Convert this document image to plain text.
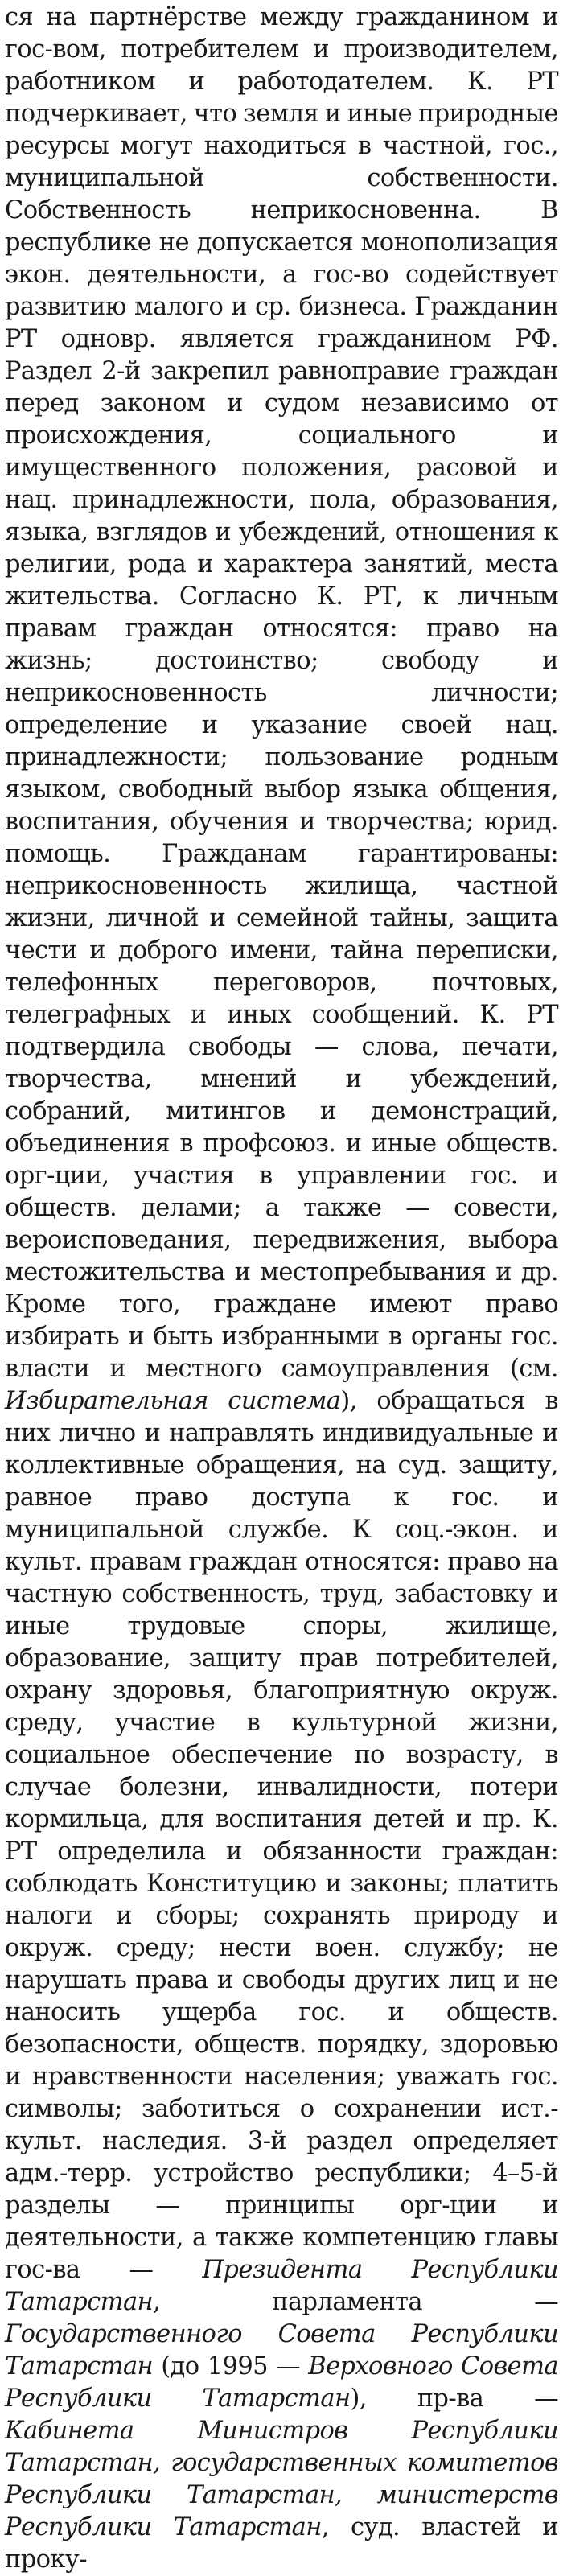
ся на партнёрстве между гражданином и гос-вом, потребителем и производителем, работником и работодателем. К. РТ подчеркивает, что земля и иные природные ресурсы могут находиться в частной, гос., муниципальной собственности. Собственность неприкосновенна. В республике не допускается монополизация экон. деятельности, а гос-во содействует развитию малого и ср. бизнеса. Гражданин РТ одновр. является гражданином РФ. Раздел 2-й закрепил равноправие граждан перед законом и судом независимо от происхождения, социального и имущественного положения, расовой и нац. принадлежности, пола, образования, языка, взглядов и убеждений, отношения к религии, рода и характера занятий, места жительства. Согласно К. РТ, к личным правам граждан относятся: право на жизнь; достоинство; свободу и неприкосновенность личности; определение и указание своей нац. принадлежности; пользование родным языком, свободный выбор языка общения, воспитания, обучения и творчества; юрид. помощь. Гражданам гарантированы: неприкосновенность жилища, частной жизни, личной и семейной тайны, защита чести и доброго имени, тайна переписки, телефонных переговоров, почтовых, телеграфных и иных сообщений. К. РТ подтвердила свободы — слова, печати, творчества, мнений и убеждений, собраний, митингов и демонстраций, объединения в профсоюз. и иные обществ. орг-ции, участия в управлении гос. и обществ. делами; а также — совести, вероисповедания, передвижения, выбора местожительства и местопребывания и др. Кроме того, граждане имеют право избирать и быть избранными в органы гос. власти и местного самоуправления (см. Избирательная система), обращаться в них лично и направлять индивидуальные и коллективные обращения, на суд. защиту, равное право доступа к гос. и муниципальной службе. К соц.-экон. и культ. правам граждан относятся: право на частную собственность, труд, забастовку и иные трудовые споры, жилище, образование, защиту прав потребителей, охрану здоровья, благоприятную окруж. среду, участие в культурной жизни, социальное обеспечение по возрасту, в случае болезни, инвалидности, потери кормильца, для воспитания детей и пр. К. РТ определила и обязанности граждан: соблюдать Конституцию и законы; платить налоги и сборы; сохранять природу и окруж. среду; нести воен. службу; не нарушать права и свободы других лиц и не наносить ущерба гос. и обществ. безопасности, обществ. порядку, здоровью и нравственности населения; уважать гос. символы; заботиться о сохранении ист.-культ. наследия. 3-й раздел определяет адм.-терр. устройство республики; 4–5-й разделы — принципы орг-ции и деятельности, а также компетенцию главы гос-ва — Президента Республики Татарстан, парламента — Государственного Совета Республики Татарстан (до 1995 — Верховного Совета Республики Татарстан), пр-ва — Кабинета Министров Республики Татарстан, государственных комитетов Республики Татарстан, министерств Республики Татарстан, суд. властей и проку-
